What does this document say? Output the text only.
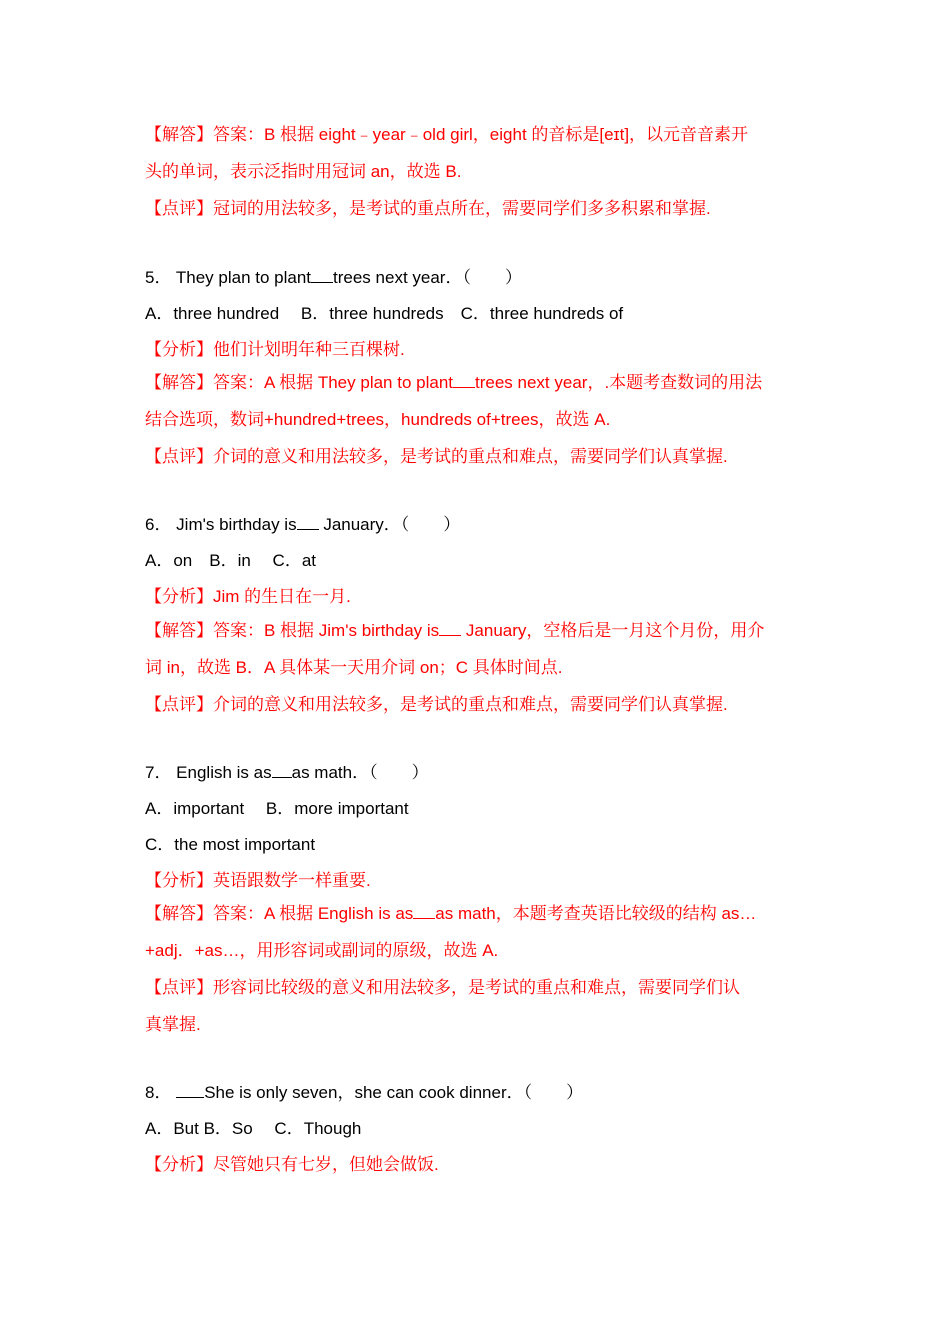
【解答】答案：B 根据 eight﹣year﹣old girl，eight 的音标是[eɪt]，以元音音素开
头的单词，表示泛指时用冠词 an，故选 B.
【点评】冠词的用法较多，是考试的重点所在，需要同学们多多积累和掌握.
5． They plan to plant trees next year．（　　）
A．three hundred　 B．three hundreds　C．three hundreds of
【分析】他们计划明年种三百棵树.
【解答】答案：A 根据 They plan to plant trees next year，.本题考查数词的用法
结合选项，数词+hundred+trees，hundreds of+trees，故选 A.
【点评】介词的意义和用法较多，是考试的重点和难点，需要同学们认真掌握.
6． Jim's birthday is January．（　　）
A．on　B．in　 C．at
【分析】Jim 的生日在一月.
【解答】答案：B 根据 Jim's birthday is January，空格后是一月这个月份，用介
词 in，故选 B．A 具体某一天用介词 on；C 具体时间点.
【点评】介词的意义和用法较多，是考试的重点和难点，需要同学们认真掌握.
7． English is as as math．（　　）
A．important　 B．more important
C．the most important
【分析】英语跟数学一样重要.
【解答】答案：A 根据 English is as as math，本题考查英语比较级的结构 as…
+adj．+as…，用形容词或副词的原级，故选 A.
【点评】形容词比较级的意义和用法较多，是考试的重点和难点，需要同学们认
真掌握.
8． She is only seven，she can cook dinner．（　　）
A．But B．So　 C．Though
【分析】尽管她只有七岁，但她会做饭.
